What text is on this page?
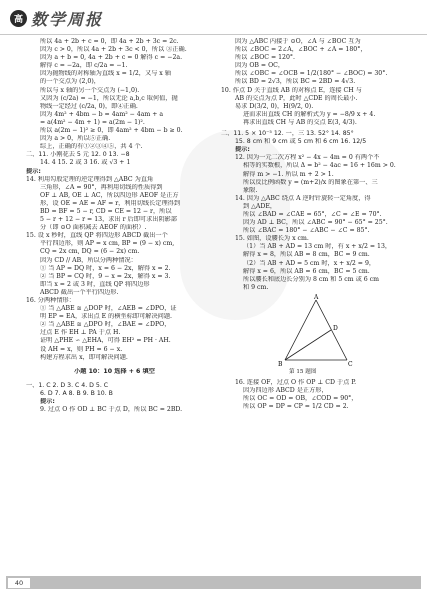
高 数学周报
所以 4a + 2b + c = 0，即 4a + 2b + 3c = 2c.
因为 c > 0，所以 4a + 2b + 3c < 0，所以 ③正确.
因为 a + b = 0, 4a + 2b + c = 0 解得 c = −2a.
解得 c = −2a，即 c/2a = −1.
因为抛物线的对称轴为直线 x = 1/2，又与 x 轴
的一个交点为 (2,0)，
所以与 x 轴的另一个交点为 (−1,0).
又因为 (c/2a) = −1，所以无论 a,b,c 取何值，抛
物线一定经过 (c/2a, 0)，即④正确.
因为 4m² + 4bm − b = 4am² − 4am + a
= a(4m² − 4m + 1) = a(2m − 1)².
所以 a(2m − 1)² ≥ 0，即 4am² + 4bm − b ≥ 0.
因为 a > 0，所以⑤正确.
综上，正确的有①②③④⑤，共 4 个.
二、11. 小刚花去 5 元 12. 0 13. −8
14. 4 15. 2 或 3 16. 或 √3 + 1
提示:
14. 利用勾股定理的逆定理得到 △ABC 为直角
三角形，∠A = 90°，再利用切线的性质得到
OF ⊥ AB, OE ⊥ AC，所以四边形 AEOF 是正方
形，设 OE = AE = AF = r，利用切线长定理得到
BD = BF = 5 − r, CD = CE = 12 − r，所以
5 − r + 12 − r = 13，求出 r 后即可求出阴影部
分（即 ⊙O 面积减去 AEOF 的面积）.
15. 设 x 秒时，直线 QP 将四边形 ABCD 截出一个
平行四边形，则 AP = x cm, BP = (9 − x) cm,
CQ = 2x cm, DQ = (6 − 2x) cm.
因为 CD // AB，所以分两种情况：
① 当 AP = DQ 时，x = 6 − 2x，解得 x = 2.
② 当 BP = CQ 时，9 − x = 2x，解得 x = 3.
即当 x = 2 或 3 时，直线 QP 将四边形
ABCD 截出一个平行四边形.
16. 分两种情形：
① 当 △ABE ≅ △DOP 时，∠AEB = ∠DPO，证
明 EP = EA，求出点 E 的横坐标即可解决问题.
② 当 △ABE ≅ △DPO 时，∠BAE = ∠DPO，
过点 E 作 EH ⊥ PA 于点 H.
证明 △PHE ∽ △EHA，可得 EH² = PH · AH.
设 AH = x，则 PH = 6 − x.
构建方程求出 x，即可解决问题.
小题 10：10 选择 + 6 填空
一、1. C 2. D 3. C 4. D 5. C
6. D 7. A 8. B 9. B 10. B
提示:
9. 过点 O 作 OD ⊥ BC 于点 D，所以 BC = 2BD.
因为 △ABC 内接于 ⊙O，∠A 与 ∠BOC 互为
所以 ∠BOC = 2∠A，∠BOC + ∠A = 180°，
所以 ∠BOC = 120°.
因为 OB = OC，
所以 ∠OBC = ∠OCB = 1/2(180° − ∠BOC) = 30°.
所以 BD = 2√3，所以 BC = 2BD = 4√3.
10. 作点 D 关于直线 AB 的对称点 E，连接 CH 与
AB 的交点为点 P，此时 △CDE 的周长最小.
易求 D(3/2, 0)，H(9/2, 0).
进而求出直线 CH 的解析式为 y = −8/9 x + 4.
再求出直线 CH 与 AB 的交点 E(3, 4/3).
二、11. 5 × 10⁻⁵ 12. 一，三 13. 52° 14. 85°
15. 8 cm 和 9 cm 或 5 cm 和 6 cm 16. 12/5
提示:
12. 因为一元二次方程 x² − 4x − 4m = 0 有两个不
相等的实数根，所以 Δ = b² − 4ac = 16 + 16m > 0.
解得 m > −1. 所以 m + 2 > 1.
所以反比例函数 y = (m+2)/x 的图象在第一、三
象限.
14. 因为 △ABC 绕点 A 逆时针旋转一定角度，得
到 △ADE，
所以 ∠BAD = ∠CAE = 65°，∠C = ∠E = 70°.
因为 AD ⊥ BC，所以 ∠ABC = 90° − 65° = 25°.
所以 ∠BAC = 180° − ∠ABC − ∠C = 85°.
15. 如图，设腰长为 x cm.
（1）当 AB + AD = 13 cm 时，有 x + x/2 = 13，
解得 x = 8，所以 AB = 8 cm，BC = 9 cm.
（2）当 AB + AD = 5 cm 时，x + x/2 = 9，
解得 x = 6，所以 AB = 6 cm，BC = 5 cm.
所以腰长和底边长分别为 8 cm 和 5 cm 或 6 cm
和 9 cm.
A
D
B	C
第 15 题图
16. 连接 OF，过点 O 作 OP ⊥ CD 于点 P.
因为四边形 ABCD 是正方形，
所以 OC = OD = OB，∠COD = 90°，
所以 OP = DP = CP = 1/2 CD = 2.
40
